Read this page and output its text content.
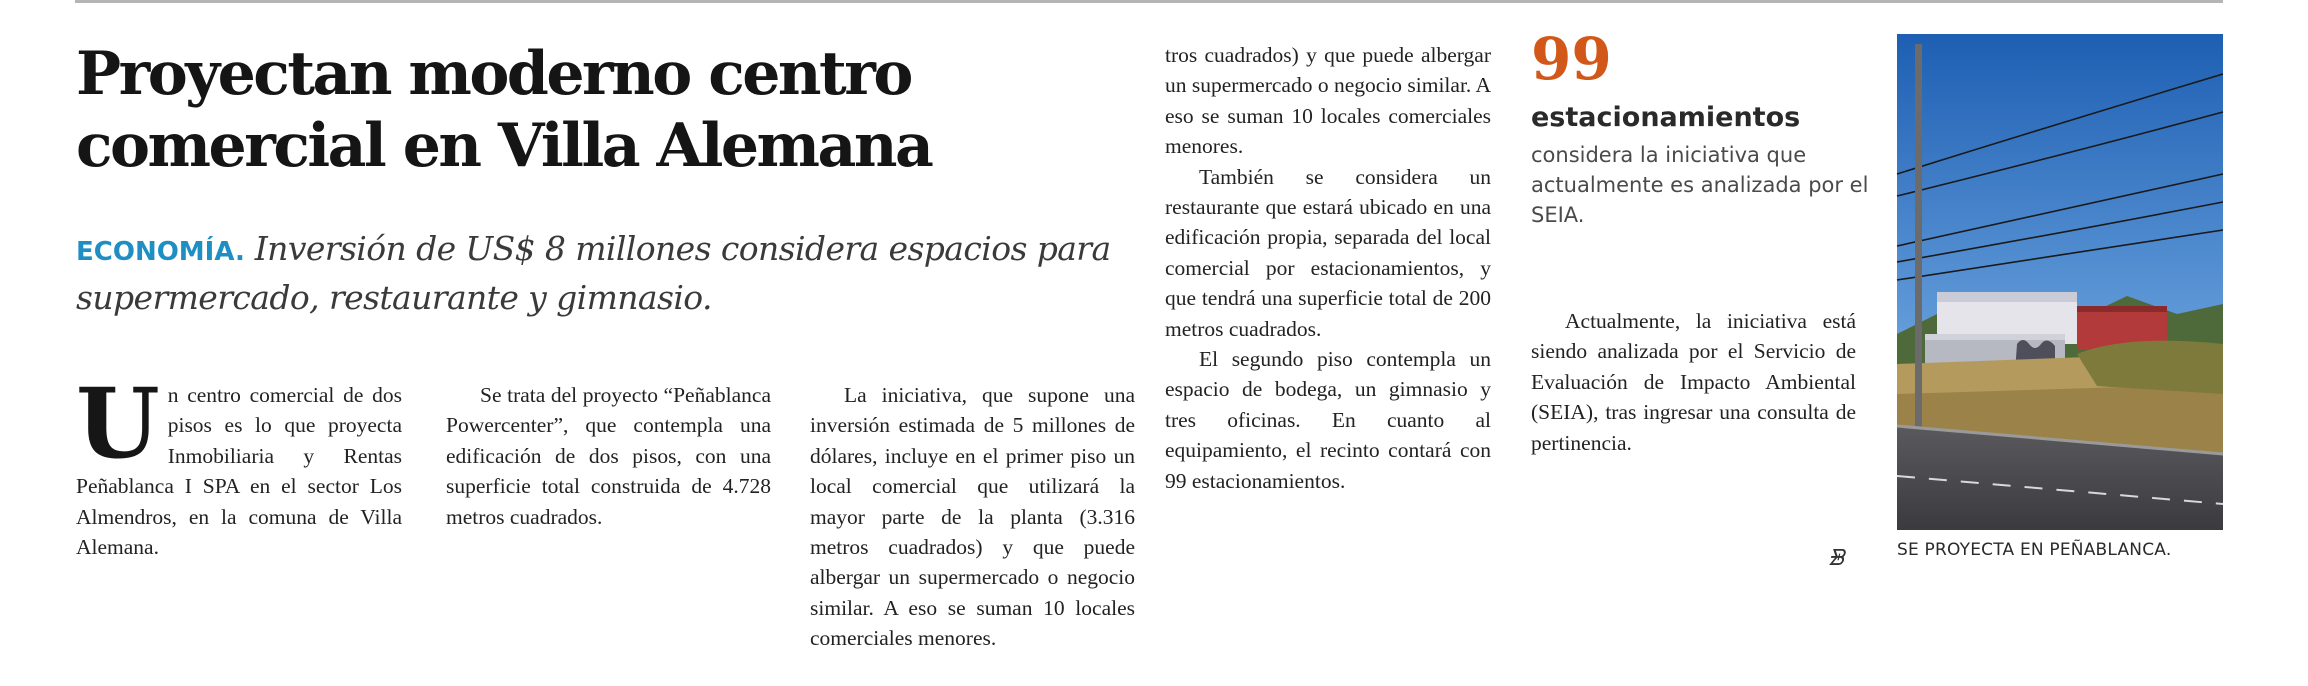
Proyectan moderno centro
comercial en Villa Alemana
ECONOMÍA. Inversión de US$ 8 millones considera espacios para supermercado, restaurante y gimnasio.
U n centro comercial de dos pisos es lo que proyecta Inmobiliaria y Rentas Peñablanca I SPA en el sector Los Almendros, en la comuna de Villa Alemana.

Se trata del proyecto “Peñablanca Powercenter”, que contempla una edificación de dos pisos, con una superficie total construida de 4.728 metros cuadrados.

La iniciativa, que supone una inversión estimada de 5 millones de dólares, incluye en el primer piso un local comercial que utilizará la mayor parte de la planta (3.316 metros cuadrados) y que puede albergar un supermercado o negocio similar. A eso se suman 10 locales comerciales menores.

tros cuadrados) y que puede albergar un supermercado o negocio similar. A eso se suman 10 locales comerciales menores.

También se considera un restaurante que estará ubicado en una edificación propia, separada del local comercial por estacionamientos, y que tendrá una superficie total de 200 metros cuadrados.

El segundo piso contempla un espacio de bodega, un gimnasio y tres oficinas. En cuanto al equipamiento, el recinto contará con 99 estacionamientos.

99
estacionamientos
considera la iniciativa que actualmente es analizada por el SEIA.

Actualmente, la iniciativa está siendo analizada por el Servicio de Evaluación de Impacto Ambiental (SEIA), tras ingresar una consulta de pertinencia.

ᗾ	SE PROYECTA EN PEÑABLANCA.
